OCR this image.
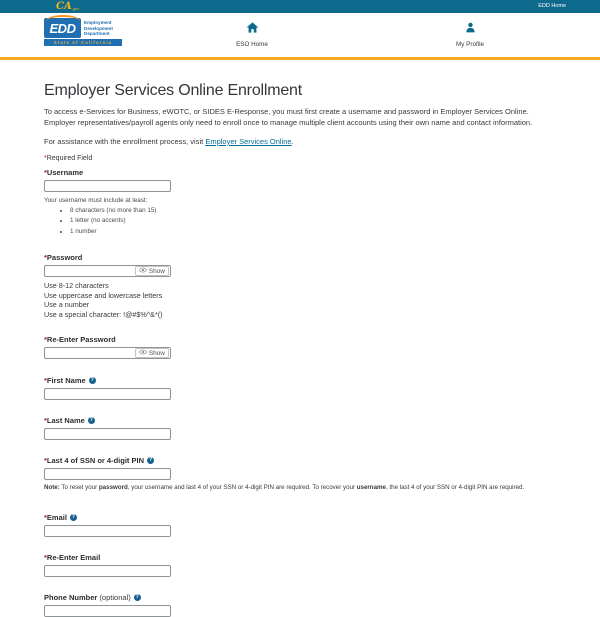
CA .gov	EDD Home
EDD Employment
Development
Department
State of California	ESO Home	My Profile
Employer Services Online Enrollment

To access e-Services for Business, eWOTC, or SIDES E-Response, you must first create a username and password in Employer Services Online. Employer representatives/payroll agents only need to enroll once to manage multiple client accounts using their own name and contact information.

For assistance with the enrollment process, visit Employer Services Online.

*Required Field

*Username
Your username must include at least:
• 8 characters (no more than 15)
• 1 letter (no accents)
• 1 number
*Password
Show
Use 8-12 characters
Use uppercase and lowercase letters
Use a number
Use a special character: !@#$%^&*()
*Re-Enter Password
Show
*First Name ?
*Last Name ?
*Last 4 of SSN or 4-digit PIN ?

Note: To reset your password, your username and last 4 of your SSN or 4-digit PIN are required. To recover your username, the last 4 of your SSN or 4-digit PIN are required.

*Email ?
*Re-Enter Email
Phone Number (optional) ?
